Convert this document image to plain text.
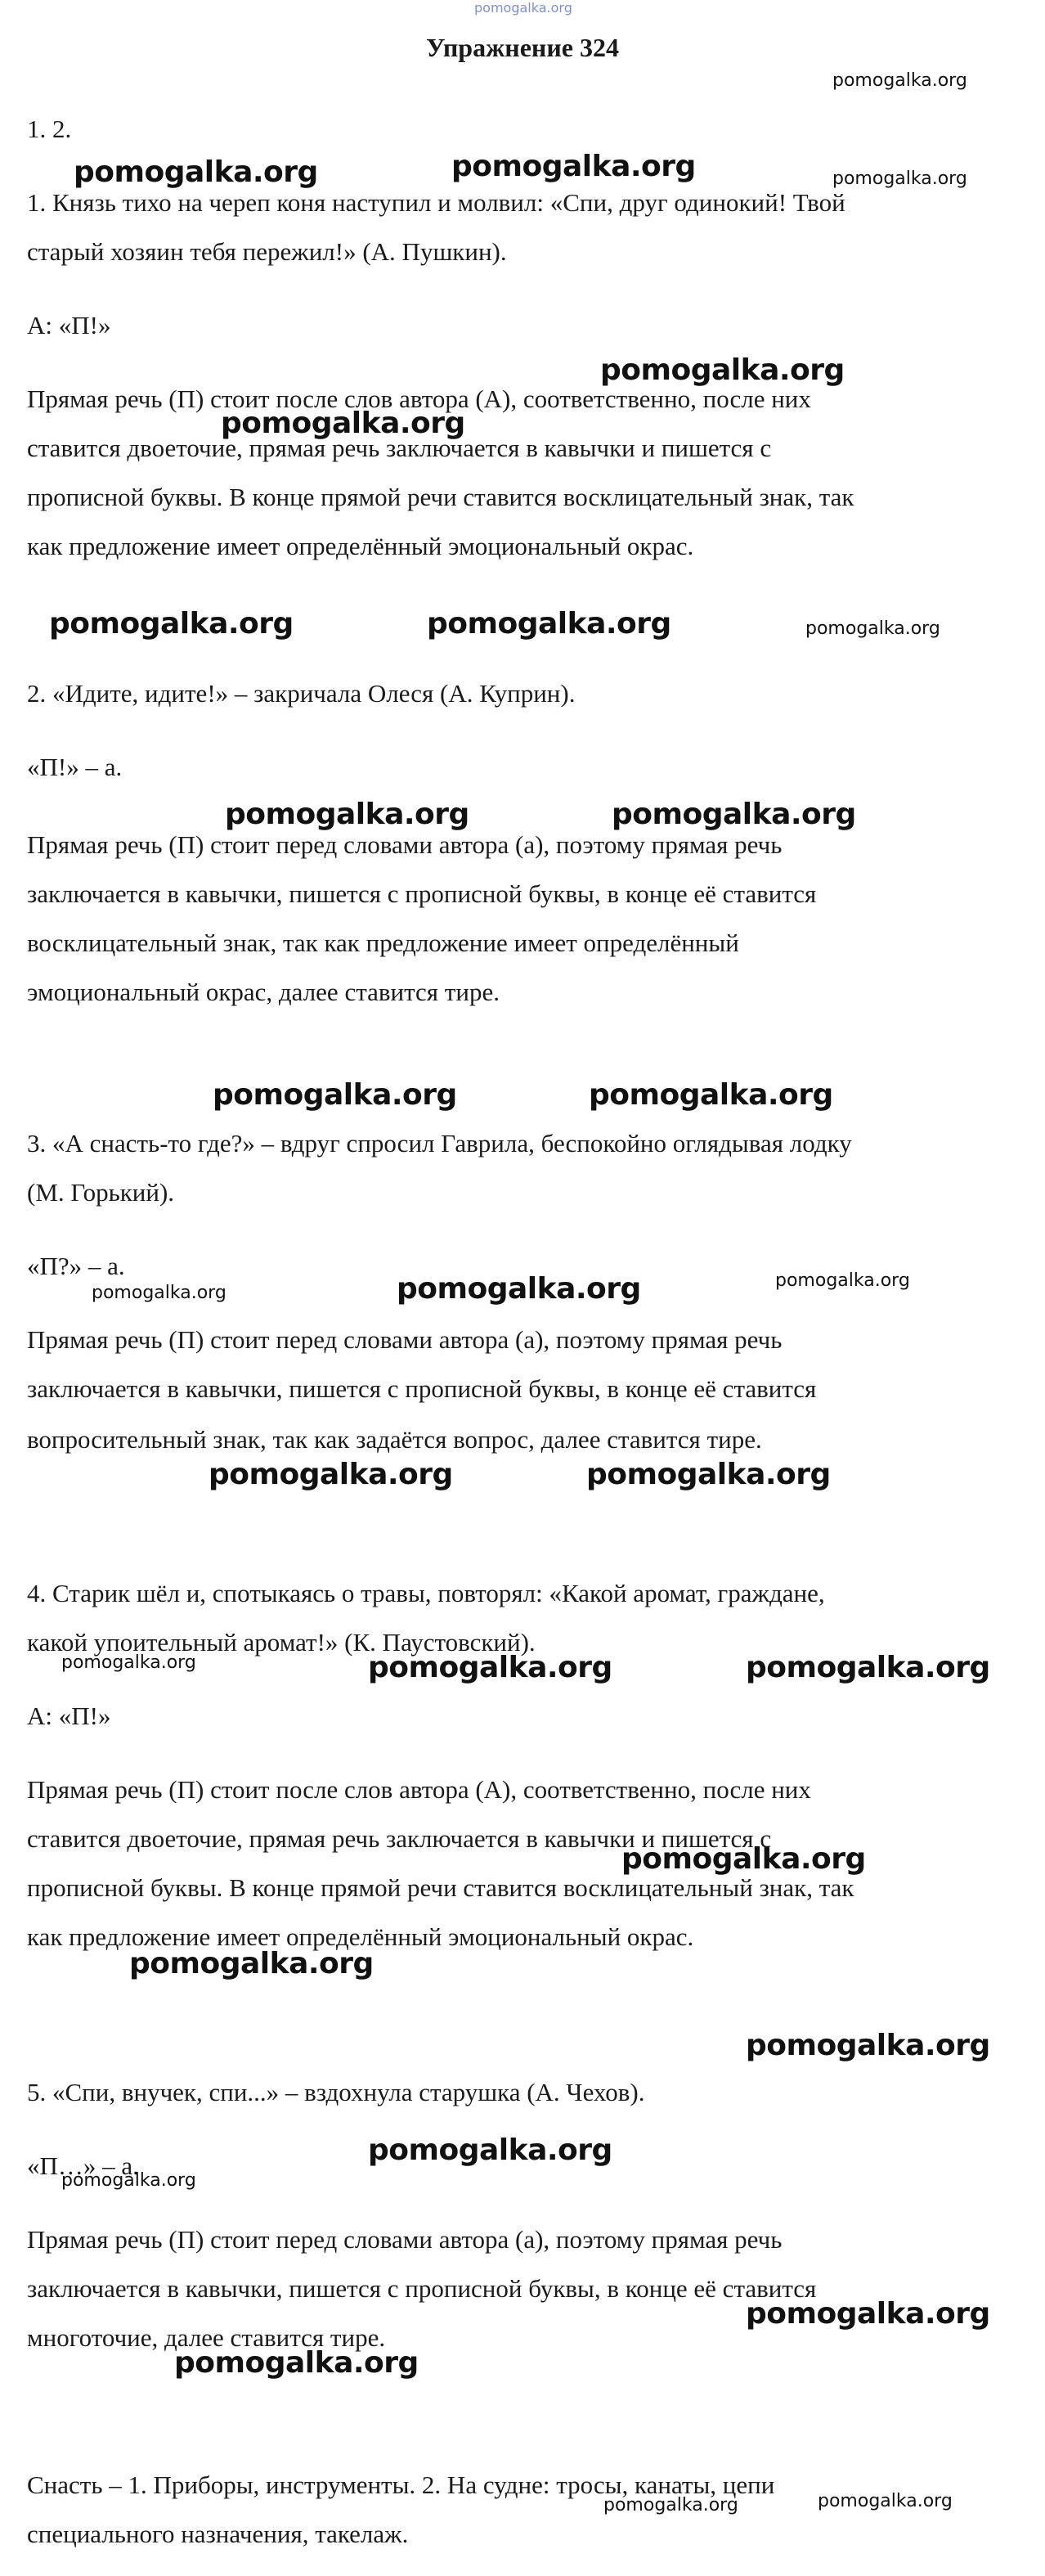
pomogalka.org
Упражнение 324
1. 2.
1. Князь тихо на череп коня наступил и молвил: «Спи, друг одинокий! Твой
старый хозяин тебя пережил!» (А. Пушкин).
А: «П!»
Прямая речь (П) стоит после слов автора (А), соответственно, после них
ставится двоеточие, прямая речь заключается в кавычки и пишется с
прописной буквы. В конце прямой речи ставится восклицательный знак, так
как предложение имеет определённый эмоциональный окрас.
2. «Идите, идите!» – закричала Олеся (А. Куприн).
«П!» – а.
Прямая речь (П) стоит перед словами автора (а), поэтому прямая речь
заключается в кавычки, пишется с прописной буквы, в конце её ставится
восклицательный знак, так как предложение имеет определённый
эмоциональный окрас, далее ставится тире.
3. «А снасть-то где?» – вдруг спросил Гаврила, беспокойно оглядывая лодку
(М. Горький).
«П?» – а.
Прямая речь (П) стоит перед словами автора (а), поэтому прямая речь
заключается в кавычки, пишется с прописной буквы, в конце её ставится
вопросительный знак, так как задаётся вопрос, далее ставится тире.
4. Старик шёл и, спотыкаясь о травы, повторял: «Какой аромат, граждане,
какой упоительный аромат!» (К. Паустовский).
А: «П!»
Прямая речь (П) стоит после слов автора (А), соответственно, после них
ставится двоеточие, прямая речь заключается в кавычки и пишется с
прописной буквы. В конце прямой речи ставится восклицательный знак, так
как предложение имеет определённый эмоциональный окрас.
5. «Спи, внучек, спи...» – вздохнула старушка (А. Чехов).
«П…» – а.
Прямая речь (П) стоит перед словами автора (а), поэтому прямая речь
заключается в кавычки, пишется с прописной буквы, в конце её ставится
многоточие, далее ставится тире.
Снасть – 1. Приборы, инструменты. 2. На судне: тросы, канаты, цепи
специального назначения, такелаж.
pomogalka.org
pomogalka.org	pomogalka.org	pomogalka.org
pomogalka.org
pomogalka.org
pomogalka.org	pomogalka.org	pomogalka.org
pomogalka.org	pomogalka.org
pomogalka.org	pomogalka.org
pomogalka.org	pomogalka.org	pomogalka.org
pomogalka.org	pomogalka.org
pomogalka.org	pomogalka.org	pomogalka.org
pomogalka.org
pomogalka.org
pomogalka.org
pomogalka.org
pomogalka.org
pomogalka.org
pomogalka.org
pomogalka.org	pomogalka.org
